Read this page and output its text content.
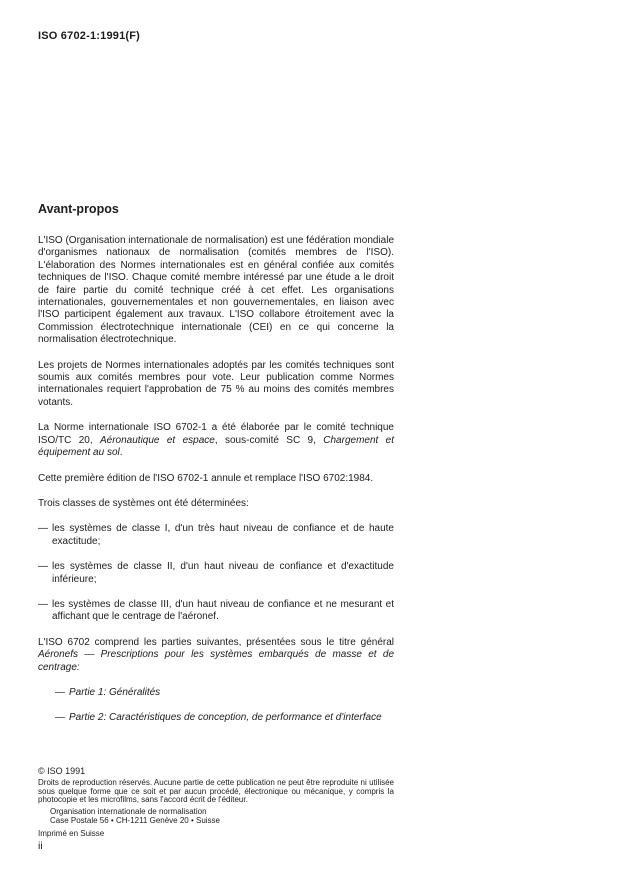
ISO 6702-1:1991(F)
Avant-propos

L'ISO (Organisation internationale de normalisation) est une fédération mondiale d'organismes nationaux de normalisation (comités membres de l'ISO). L'élaboration des Normes internationales est en général confiée aux comités techniques de l'ISO. Chaque comité membre intéressé par une étude a le droit de faire partie du comité technique créé à cet effet. Les organisations internationales, gouvernementales et non gouvernementales, en liaison avec l'ISO participent également aux travaux. L'ISO collabore étroitement avec la Commission électrotechnique internationale (CEI) en ce qui concerne la normalisation électrotechnique.

Les projets de Normes internationales adoptés par les comités techniques sont soumis aux comités membres pour vote. Leur publication comme Normes internationales requiert l'approbation de 75 % au moins des comités membres votants.

La Norme internationale ISO 6702-1 a été élaborée par le comité technique ISO/TC 20, Aéronautique et espace, sous-comité SC 9, Chargement et équipement au sol.

Cette première édition de l'ISO 6702-1 annule et remplace l'ISO 6702:1984.

Trois classes de systèmes ont été déterminées:

— les systèmes de classe I, d'un très haut niveau de confiance et de haute exactitude;
— les systèmes de classe II, d'un haut niveau de confiance et d'exactitude inférieure;
— les systèmes de classe III, d'un haut niveau de confiance et ne mesurant et affichant que le centrage de l'aéronef.

L'ISO 6702 comprend les parties suivantes, présentées sous le titre général Aéronefs — Prescriptions pour les systèmes embarqués de masse et de centrage:

— Partie 1: Généralités
— Partie 2: Caractéristiques de conception, de performance et d'interface
© ISO 1991

Droits de reproduction réservés. Aucune partie de cette publication ne peut être reproduite ni utilisée sous quelque forme que ce soit et par aucun procédé, électronique ou mécanique, y compris la photocopie et les microfilms, sans l'accord écrit de l'éditeur.

Organisation internationale de normalisation
Case Postale 56 • CH-1211 Genève 20 • Suisse
Imprimé en Suisse
ii
